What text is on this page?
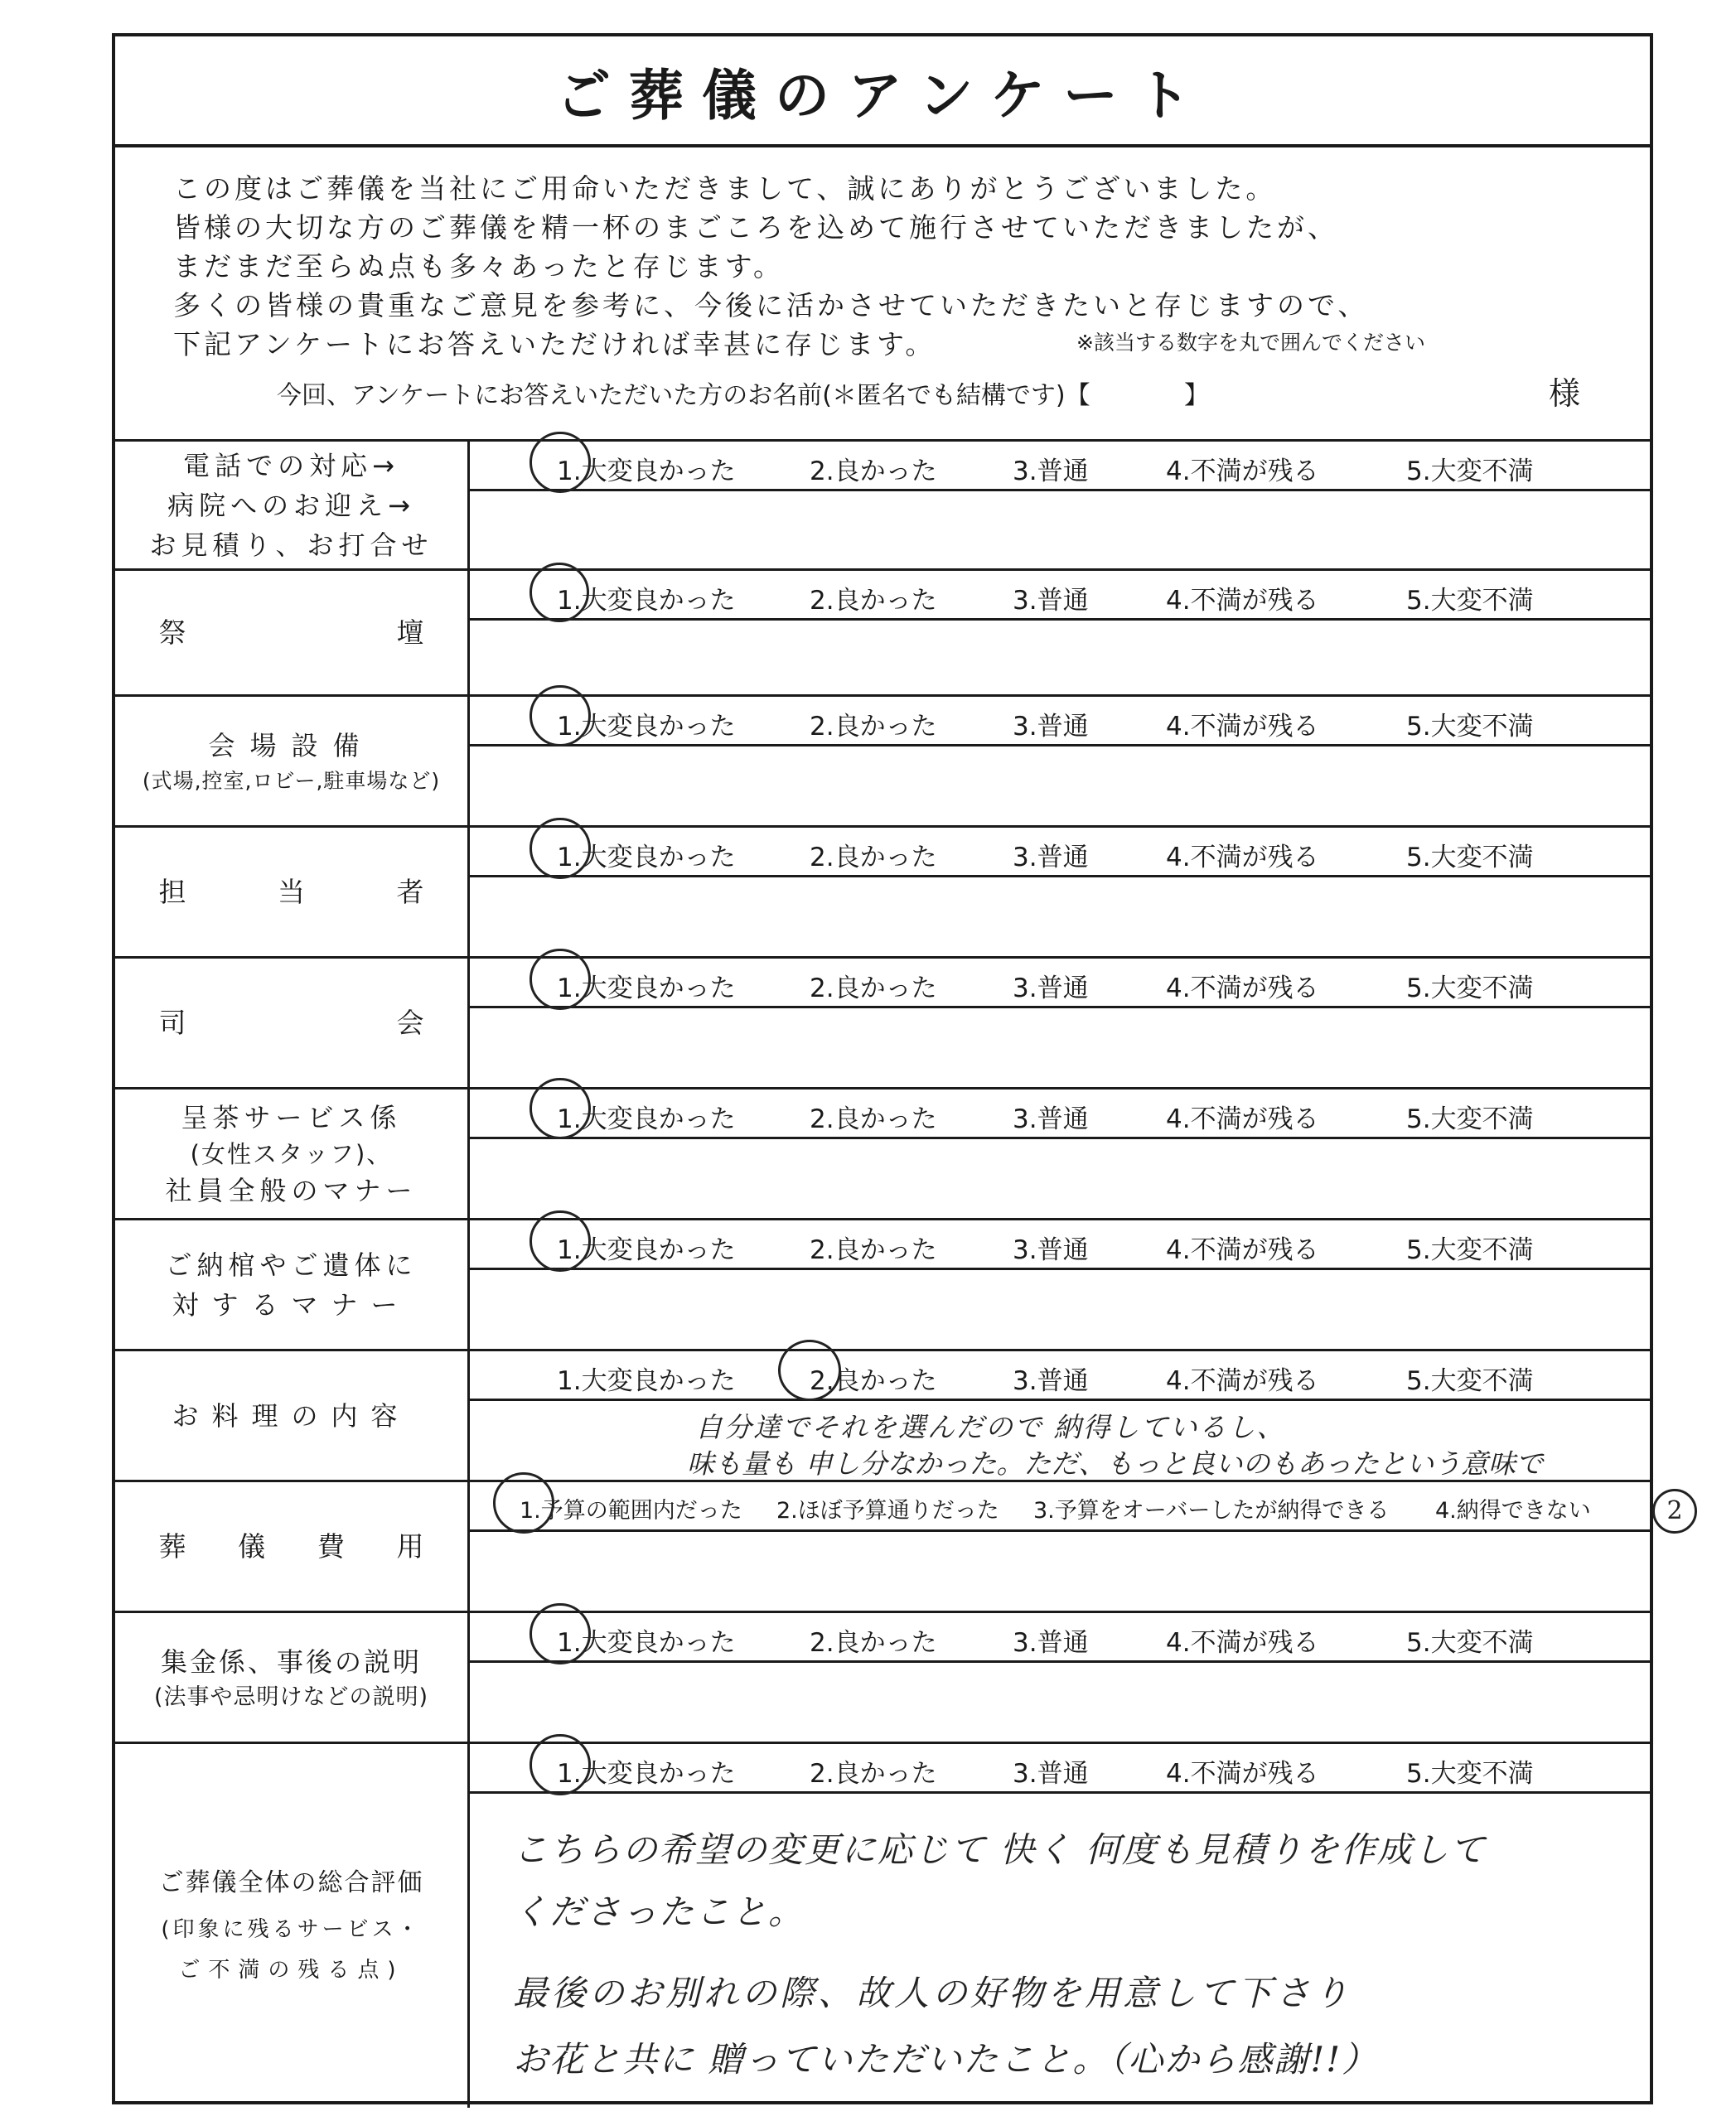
ご葬儀のアンケート
この度はご葬儀を当社にご用命いただきまして、誠にありがとうございました。
皆様の大切な方のご葬儀を精一杯のまごころを込めて施行させていただきましたが、
まだまだ至らぬ点も多々あったと存じます。
多くの皆様の貴重なご意見を参考に、今後に活かさせていただきたいと存じますので、
下記アンケートにお答えいただければ幸甚に存じます。	※該当する数字を丸で囲んでください
今回、アンケートにお答えいただいた方のお名前(＊匿名でも結構です)【	】	様
電話での対応→
病院へのお迎え→
お見積り、お打合せ
1.大変良かった	2.良かった	3.普通	4.不満が残る	5.大変不満
祭	壇
1.大変良かった	2.良かった	3.普通	4.不満が残る	5.大変不満
会場設備
(式場,控室,ロビー,駐車場など)
1.大変良かった	2.良かった	3.普通	4.不満が残る	5.大変不満
担	当	者
1.大変良かった	2.良かった	3.普通	4.不満が残る	5.大変不満
司	会
1.大変良かった	2.良かった	3.普通	4.不満が残る	5.大変不満
呈茶サービス係
(女性スタッフ)、
社員全般のマナー
1.大変良かった	2.良かった	3.普通	4.不満が残る	5.大変不満
ご納棺やご遺体に
対するマナー
1.大変良かった	2.良かった	3.普通	4.不満が残る	5.大変不満
お料理の内容
1.大変良かった	2.良かった	3.普通	4.不満が残る	5.大変不満
自分達でそれを選んだので 納得しているし、
味も量も 申し分なかった。ただ、もっと良いのもあったという意味で
葬 儀 費 用
1.予算の範囲内だった 2.ほぼ予算通りだった 3.予算をオーバーしたが納得できる 4.納得できない	2
集金係、事後の説明
(法事や忌明けなどの説明)
1.大変良かった	2.良かった	3.普通	4.不満が残る	5.大変不満
ご葬儀全体の総合評価
(印象に残るサービス・
ご不満の残る点)
1.大変良かった	2.良かった	3.普通	4.不満が残る	5.大変不満
こちらの希望の変更に応じて 快く 何度も見積りを作成して
くださったこと。
最後のお別れの際、故人の好物を用意して下さり
お花と共に 贈っていただいたこと。（心から感謝!!）
